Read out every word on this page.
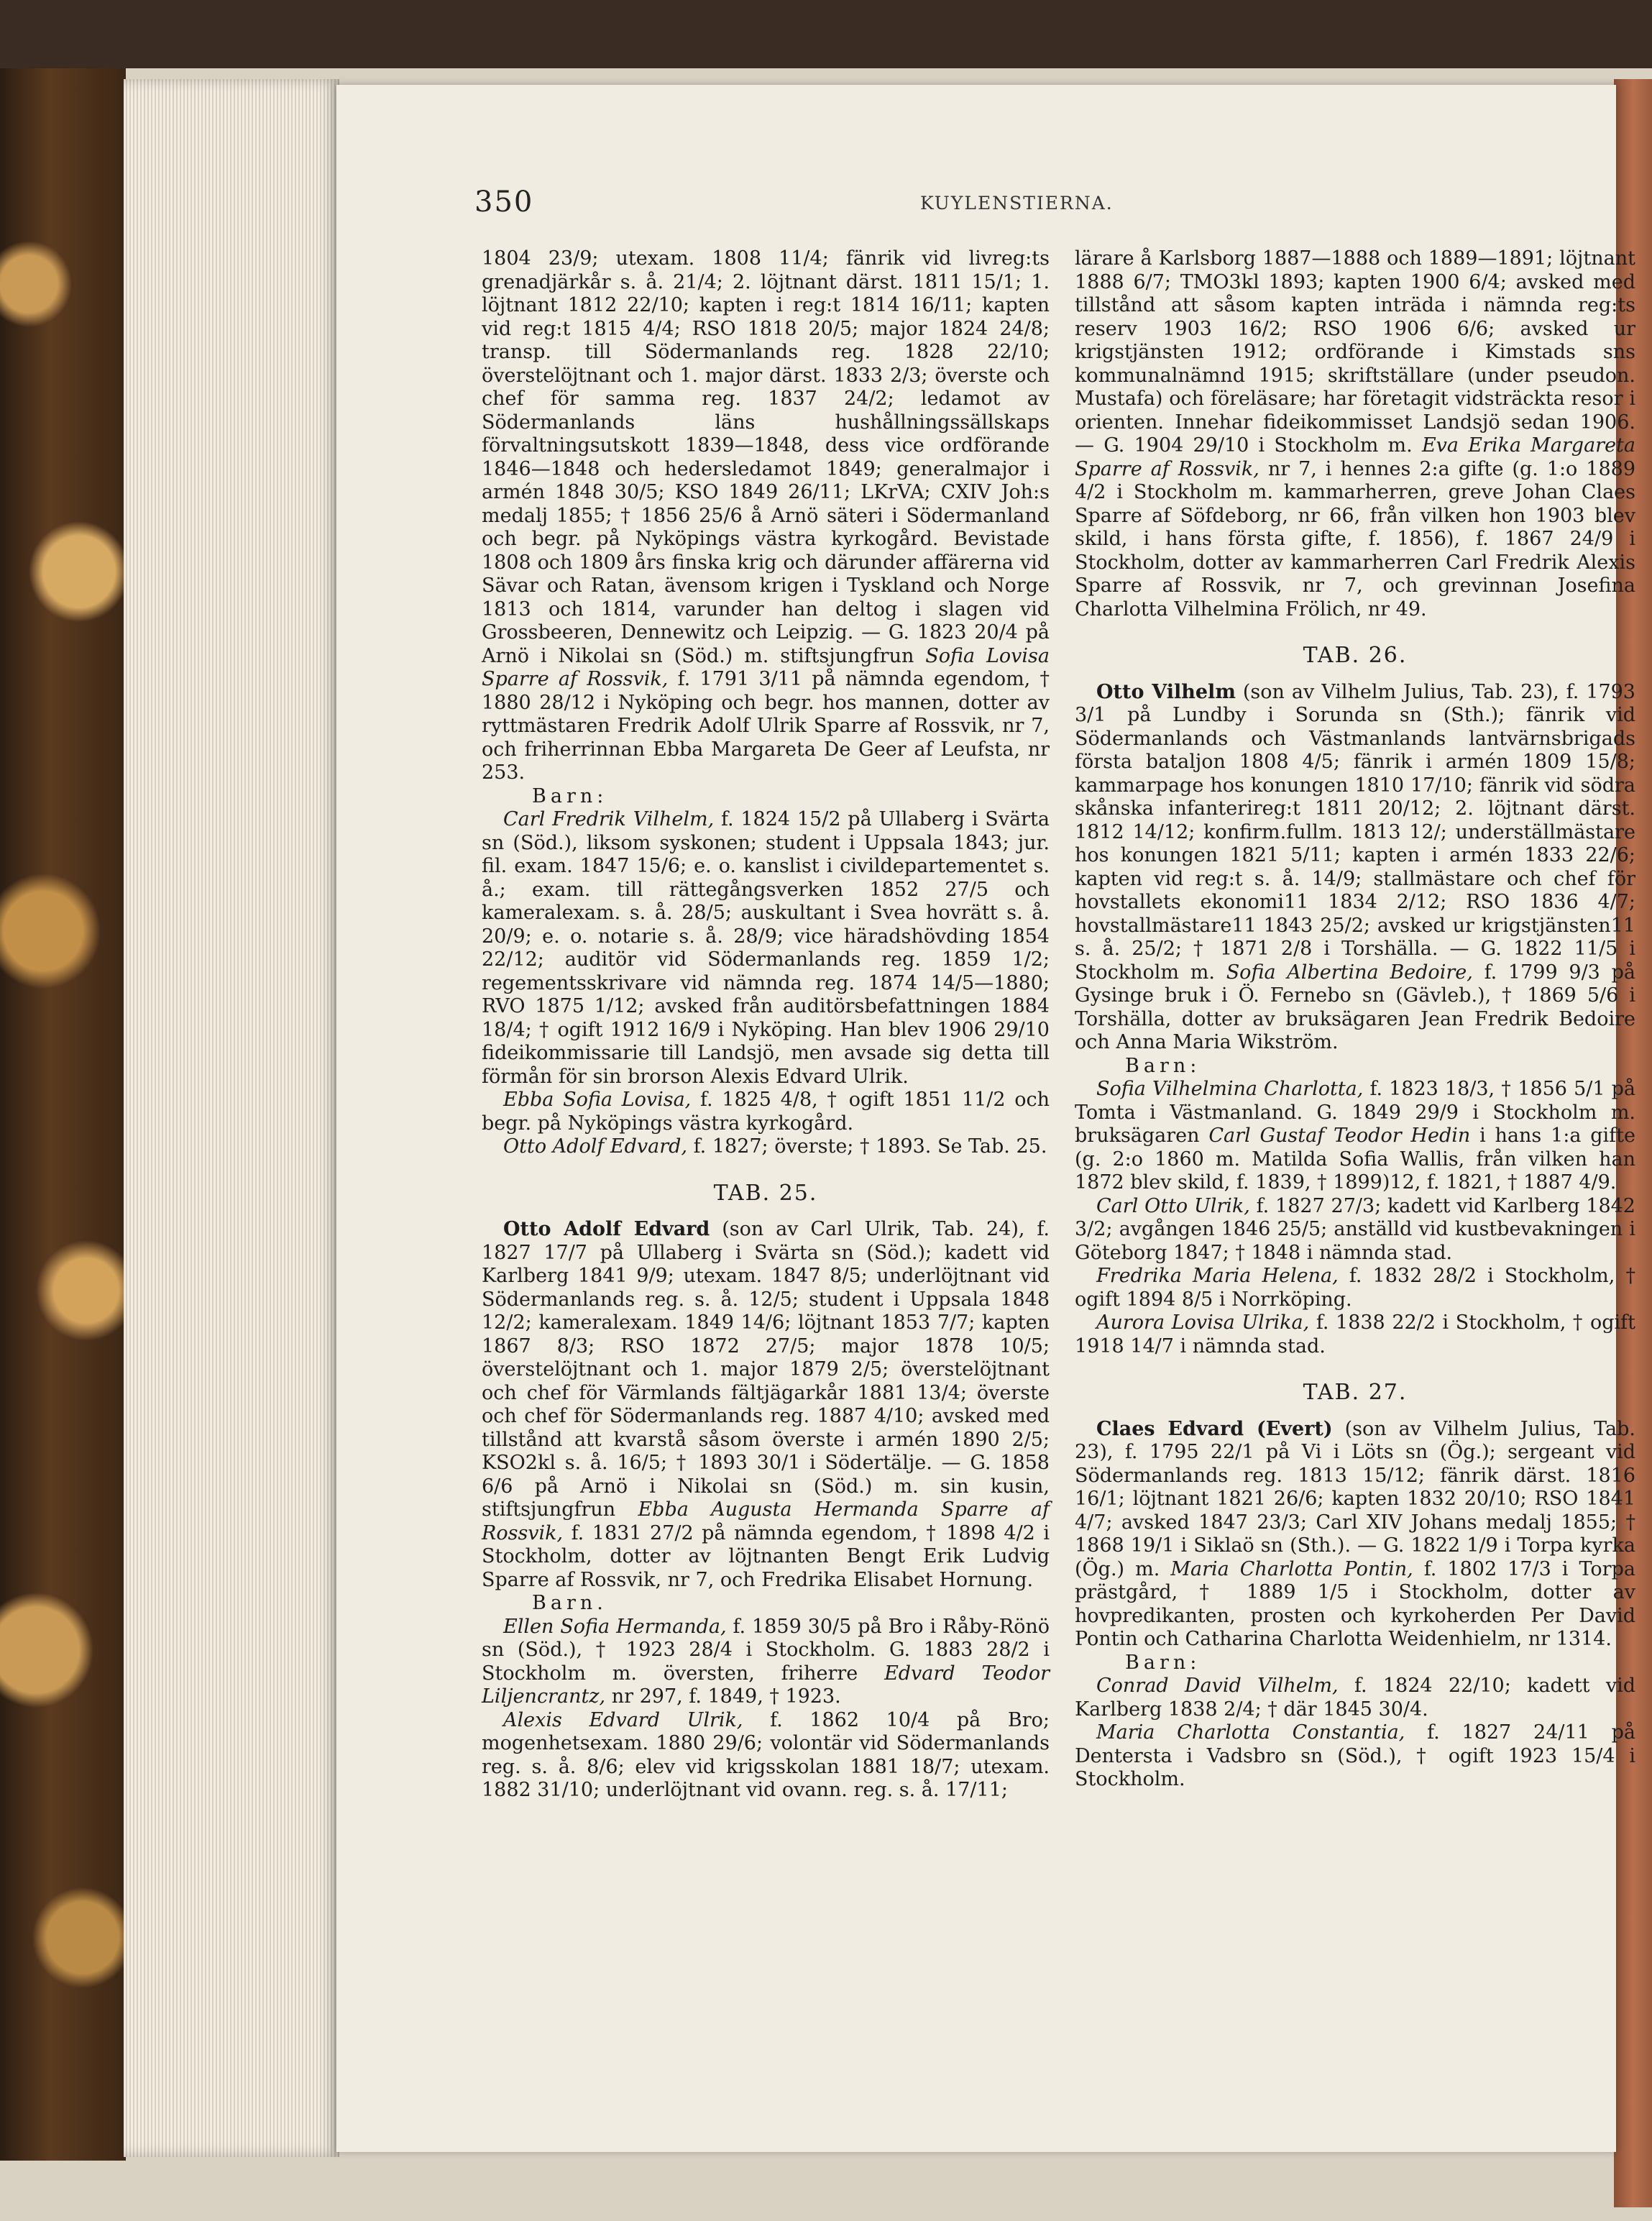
350	KUYLENSTIERNA.

1804 23/9; utexam. 1808 11/4; fänrik vid livreg:ts grenadjärkår s. å. 21/4; 2. löjtnant därst. 1811 15/1; 1. löjtnant 1812 22/10; kapten i reg:t 1814 16/11; kapten vid reg:t 1815 4/4; RSO 1818 20/5; major 1824 24/8; transp. till Södermanlands reg. 1828 22/10; överstelöjtnant och 1. major därst. 1833 2/3; överste och chef för samma reg. 1837 24/2; ledamot av Södermanlands läns hushållningssällskaps förvaltningsutskott 1839—1848, dess vice ordförande 1846—1848 och hedersledamot 1849; generalmajor i armén 1848 30/5; KSO 1849 26/11; LKrVA; CXIV Joh:s medalj 1855; † 1856 25/6 å Arnö säteri i Södermanland och begr. på Nyköpings västra kyrkogård. Bevistade 1808 och 1809 års finska krig och därunder affärerna vid Sävar och Ratan, ävensom krigen i Tyskland och Norge 1813 och 1814, varunder han deltog i slagen vid Grossbeeren, Dennewitz och Leipzig. — G. 1823 20/4 på Arnö i Nikolai sn (Söd.) m. stiftsjungfrun Sofia Lovisa Sparre af Rossvik, f. 1791 3/11 på nämnda egendom, † 1880 28/12 i Nyköping och begr. hos mannen, dotter av ryttmästaren Fredrik Adolf Ulrik Sparre af Rossvik, nr 7, och friherrinnan Ebba Margareta De Geer af Leufsta, nr 253.

Barn:

Carl Fredrik Vilhelm, f. 1824 15/2 på Ullaberg i Svärta sn (Söd.), liksom syskonen; student i Uppsala 1843; jur. fil. exam. 1847 15/6; e. o. kanslist i civildepartementet s. å.; exam. till rättegångsverken 1852 27/5 och kameralexam. s. å. 28/5; auskultant i Svea hovrätt s. å. 20/9; e. o. notarie s. å. 28/9; vice häradshövding 1854 22/12; auditör vid Södermanlands reg. 1859 1/2; regementsskrivare vid nämnda reg. 1874 14/5—1880; RVO 1875 1/12; avsked från auditörsbefattningen 1884 18/4; † ogift 1912 16/9 i Nyköping. Han blev 1906 29/10 fideikommissarie till Landsjö, men avsade sig detta till förmån för sin brorson Alexis Edvard Ulrik.

Ebba Sofia Lovisa, f. 1825 4/8, † ogift 1851 11/2 och begr. på Nyköpings västra kyrkogård.

Otto Adolf Edvard, f. 1827; överste; † 1893. Se Tab. 25.

TAB. 25.

Otto Adolf Edvard (son av Carl Ulrik, Tab. 24), f. 1827 17/7 på Ullaberg i Svärta sn (Söd.); kadett vid Karlberg 1841 9/9; utexam. 1847 8/5; underlöjtnant vid Södermanlands reg. s. å. 12/5; student i Uppsala 1848 12/2; kameralexam. 1849 14/6; löjtnant 1853 7/7; kapten 1867 8/3; RSO 1872 27/5; major 1878 10/5; överstelöjtnant och 1. major 1879 2/5; överstelöjtnant och chef för Värmlands fältjägarkår 1881 13/4; överste och chef för Södermanlands reg. 1887 4/10; avsked med tillstånd att kvarstå såsom överste i armén 1890 2/5; KSO2kl s. å. 16/5; † 1893 30/1 i Södertälje. — G. 1858 6/6 på Arnö i Nikolai sn (Söd.) m. sin kusin, stiftsjungfrun Ebba Augusta Hermanda Sparre af Rossvik, f. 1831 27/2 på nämnda egendom, † 1898 4/2 i Stockholm, dotter av löjtnanten Bengt Erik Ludvig Sparre af Rossvik, nr 7, och Fredrika Elisabet Hornung.

Barn.

Ellen Sofia Hermanda, f. 1859 30/5 på Bro i Råby-Rönö sn (Söd.), † 1923 28/4 i Stockholm. G. 1883 28/2 i Stockholm m. översten, friherre Edvard Teodor Liljencrantz, nr 297, f. 1849, † 1923.

Alexis Edvard Ulrik, f. 1862 10/4 på Bro; mogenhetsexam. 1880 29/6; volontär vid Södermanlands reg. s. å. 8/6; elev vid krigsskolan 1881 18/7; utexam. 1882 31/10; underlöjtnant vid ovann. reg. s. å. 17/11;

lärare å Karlsborg 1887—1888 och 1889—1891; löjtnant 1888 6/7; TMO3kl 1893; kapten 1900 6/4; avsked med tillstånd att såsom kapten inträda i nämnda reg:ts reserv 1903 16/2; RSO 1906 6/6; avsked ur krigstjänsten 1912; ordförande i Kimstads sns kommunalnämnd 1915; skriftställare (under pseudon. Mustafa) och föreläsare; har företagit vidsträckta resor i orienten. Innehar fideikommisset Landsjö sedan 1906. — G. 1904 29/10 i Stockholm m. Eva Erika Margareta Sparre af Rossvik, nr 7, i hennes 2:a gifte (g. 1:o 1889 4/2 i Stockholm m. kammarherren, greve Johan Claes Sparre af Söfdeborg, nr 66, från vilken hon 1903 blev skild, i hans första gifte, f. 1856), f. 1867 24/9 i Stockholm, dotter av kammarherren Carl Fredrik Alexis Sparre af Rossvik, nr 7, och grevinnan Josefina Charlotta Vilhelmina Frölich, nr 49.

TAB. 26.

Otto Vilhelm (son av Vilhelm Julius, Tab. 23), f. 1793 3/1 på Lundby i Sorunda sn (Sth.); fänrik vid Södermanlands och Västmanlands lantvärnsbrigads första bataljon 1808 4/5; fänrik i armén 1809 15/8; kammarpage hos konungen 1810 17/10; fänrik vid södra skånska infanterireg:t 1811 20/12; 2. löjtnant därst. 1812 14/12; konfirm.fullm. 1813 12/; underställmästare hos konungen 1821 5/11; kapten i armén 1833 22/6; kapten vid reg:t s. å. 14/9; stallmästare och chef för hovstallets ekonomi11 1834 2/12; RSO 1836 4/7; hovstallmästare11 1843 25/2; avsked ur krigstjänsten11 s. å. 25/2; † 1871 2/8 i Torshälla. — G. 1822 11/5 i Stockholm m. Sofia Albertina Bedoire, f. 1799 9/3 på Gysinge bruk i Ö. Fernebo sn (Gävleb.), † 1869 5/6 i Torshälla, dotter av bruksägaren Jean Fredrik Bedoire och Anna Maria Wikström.

Barn:

Sofia Vilhelmina Charlotta, f. 1823 18/3, † 1856 5/1 på Tomta i Västmanland. G. 1849 29/9 i Stockholm m. bruksägaren Carl Gustaf Teodor Hedin i hans 1:a gifte (g. 2:o 1860 m. Matilda Sofia Wallis, från vilken han 1872 blev skild, f. 1839, † 1899)12, f. 1821, † 1887 4/9.

Carl Otto Ulrik, f. 1827 27/3; kadett vid Karlberg 1842 3/2; avgången 1846 25/5; anställd vid kustbevakningen i Göteborg 1847; † 1848 i nämnda stad.

Fredrika Maria Helena, f. 1832 28/2 i Stockholm, † ogift 1894 8/5 i Norrköping.

Aurora Lovisa Ulrika, f. 1838 22/2 i Stockholm, † ogift 1918 14/7 i nämnda stad.

TAB. 27.

Claes Edvard (Evert) (son av Vilhelm Julius, Tab. 23), f. 1795 22/1 på Vi i Löts sn (Ög.); sergeant vid Södermanlands reg. 1813 15/12; fänrik därst. 1816 16/1; löjtnant 1821 26/6; kapten 1832 20/10; RSO 1841 4/7; avsked 1847 23/3; Carl XIV Johans medalj 1855; † 1868 19/1 i Siklaö sn (Sth.). — G. 1822 1/9 i Torpa kyrka (Ög.) m. Maria Charlotta Pontin, f. 1802 17/3 i Torpa prästgård, † 1889 1/5 i Stockholm, dotter av hovpredikanten, prosten och kyrkoherden Per David Pontin och Catharina Charlotta Weidenhielm, nr 1314.

Barn:

Conrad David Vilhelm, f. 1824 22/10; kadett vid Karlberg 1838 2/4; † där 1845 30/4.

Maria Charlotta Constantia, f. 1827 24/11 på Dentersta i Vadsbro sn (Söd.), † ogift 1923 15/4 i Stockholm.
